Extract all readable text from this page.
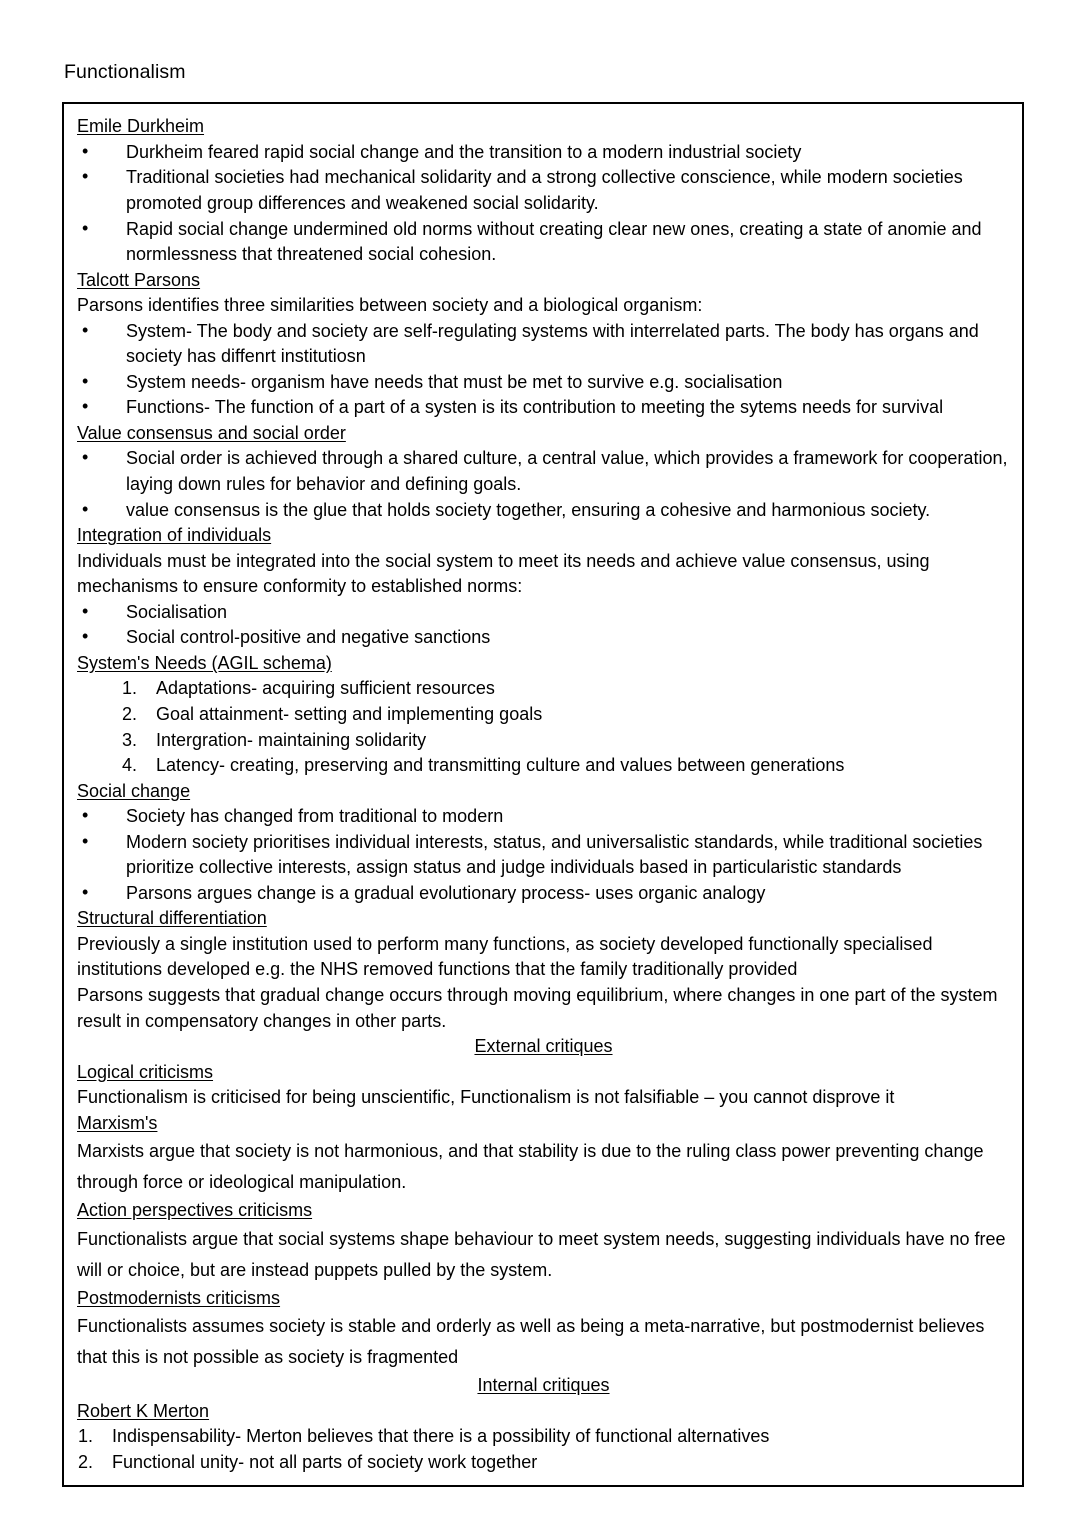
Functionalism
Emile Durkheim
• Durkheim feared rapid social change and the transition to a modern industrial society
• Traditional societies had mechanical solidarity and a strong collective conscience, while modern societies promoted group differences and weakened social solidarity.
• Rapid social change undermined old norms without creating clear new ones, creating a state of anomie and normlessness that threatened social cohesion.
Talcott Parsons

Parsons identifies three similarities between society and a biological organism:

• System- The body and society are self-regulating systems with interrelated parts. The body has organs and society has diffenrt institutiosn
• System needs- organism have needs that must be met to survive e.g. socialisation
• Functions- The function of a part of a systen is its contribution to meeting the sytems needs for survival
Value consensus and social order
• Social order is achieved through a shared culture, a central value, which provides a framework for cooperation, laying down rules for behavior and defining goals.
• value consensus is the glue that holds society together, ensuring a cohesive and harmonious society.
Integration of individuals

Individuals must be integrated into the social system to meet its needs and achieve value consensus, using mechanisms to ensure conformity to established norms:

• Socialisation
• Social control-positive and negative sanctions
System's Needs (AGIL schema)
Adaptations- acquiring sufficient resources
Goal attainment- setting and implementing goals
Intergration- maintaining solidarity
Latency- creating, preserving and transmitting culture and values between generations
Social change
• Society has changed from traditional to modern
• Modern society prioritises individual interests, status, and universalistic standards, while traditional societies prioritize collective interests, assign status and judge individuals based in particularistic standards
• Parsons argues change is a gradual evolutionary process- uses organic analogy
Structural differentiation

Previously a single institution used to perform many functions, as society developed functionally specialised institutions developed e.g. the NHS removed functions that the family traditionally provided

Parsons suggests that gradual change occurs through moving equilibrium, where changes in one part of the system result in compensatory changes in other parts.

External critiques
Logical criticisms

Functionalism is criticised for being unscientific, Functionalism is not falsifiable – you cannot disprove it

Marxism's

Marxists argue that society is not harmonious, and that stability is due to the ruling class power preventing change through force or ideological manipulation.

Action perspectives criticisms

Functionalists argue that social systems shape behaviour to meet system needs, suggesting individuals have no free will or choice, but are instead puppets pulled by the system.

Postmodernists criticisms

Functionalists assumes society is stable and orderly as well as being a meta-narrative, but postmodernist believes that this is not possible as society is fragmented

Internal critiques
Robert K Merton
Indispensability- Merton believes that there is a possibility of functional alternatives
Functional unity- not all parts of society work together
